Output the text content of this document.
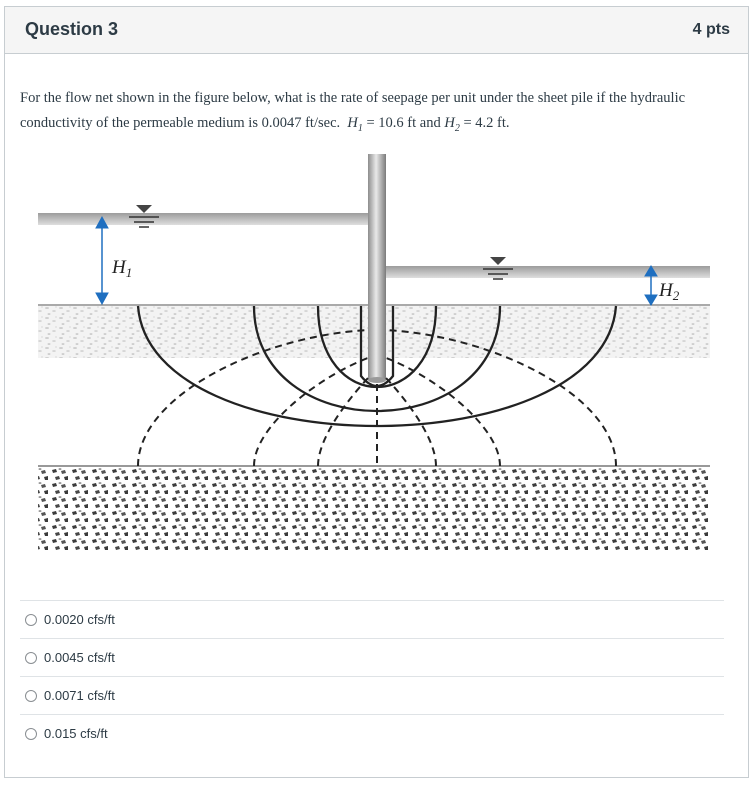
Question 3	4 pts
For the flow net shown in the figure below, what is the rate of seepage per unit under the sheet pile if the hydraulic conductivity of the permeable medium is 0.0047 ft/sec. $H_1 = 10.6$ ft and $H_2 = 4.2$ ft.
$H_1$
$H_2$
0.0020 cfs/ft
0.0045 cfs/ft
0.0071 cfs/ft
0.015 cfs/ft
